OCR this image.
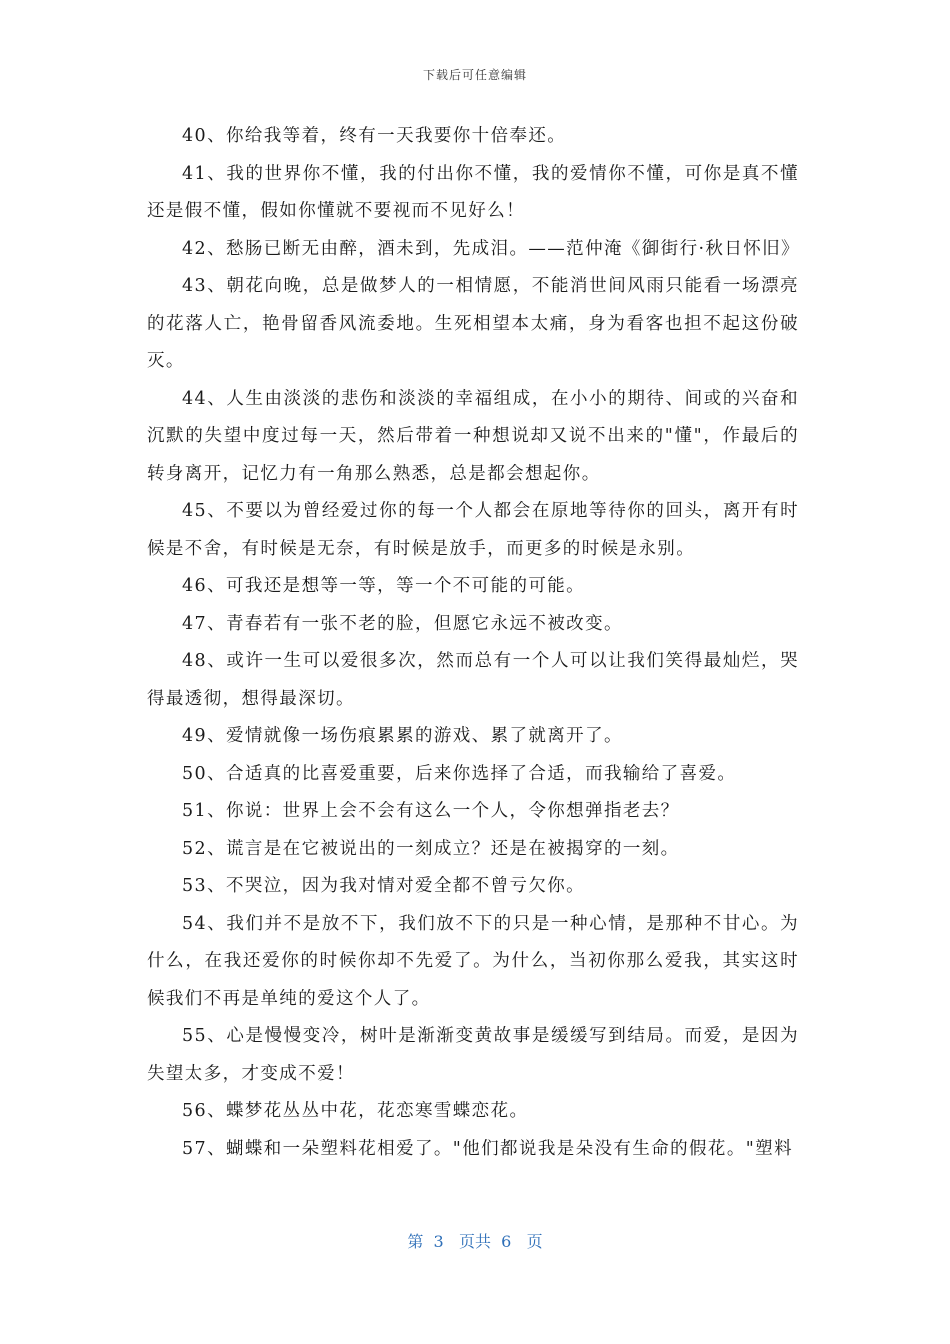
下载后可任意编辑

40、你给我等着，终有一天我要你十倍奉还。

41、我的世界你不懂，我的付出你不懂，我的爱情你不懂，可你是真不懂还是假不懂，假如你懂就不要视而不见好么！

42、愁肠已断无由醉，酒未到，先成泪。——范仲淹《御街行·秋日怀旧》

43、朝花向晚，总是做梦人的一相情愿，不能消世间风雨只能看一场漂亮的花落人亡，艳骨留香风流委地。生死相望本太痛，身为看客也担不起这份破灭。

44、人生由淡淡的悲伤和淡淡的幸福组成，在小小的期待、间或的兴奋和沉默的失望中度过每一天，然后带着一种想说却又说不出来的"懂"，作最后的转身离开，记忆力有一角那么熟悉，总是都会想起你。

45、不要以为曾经爱过你的每一个人都会在原地等待你的回头，离开有时候是不舍，有时候是无奈，有时候是放手，而更多的时候是永别。

46、可我还是想等一等，等一个不可能的可能。

47、青春若有一张不老的脸，但愿它永远不被改变。

48、或许一生可以爱很多次，然而总有一个人可以让我们笑得最灿烂，哭得最透彻，想得最深切。

49、爱情就像一场伤痕累累的游戏、累了就离开了。

50、合适真的比喜爱重要，后来你选择了合适，而我输给了喜爱。

51、你说：世界上会不会有这么一个人，令你想弹指老去？

52、谎言是在它被说出的一刻成立？还是在被揭穿的一刻。

53、不哭泣，因为我对情对爱全都不曾亏欠你。

54、我们并不是放不下，我们放不下的只是一种心情，是那种不甘心。为什么，在我还爱你的时候你却不先爱了。为什么，当初你那么爱我，其实这时候我们不再是单纯的爱这个人了。

55、心是慢慢变冷，树叶是渐渐变黄故事是缓缓写到结局。而爱，是因为失望太多，才变成不爱！

56、蝶梦花丛丛中花，花恋寒雪蝶恋花。

57、蝴蝶和一朵塑料花相爱了。"他们都说我是朵没有生命的假花。"塑料

第 3 页共 6 页
